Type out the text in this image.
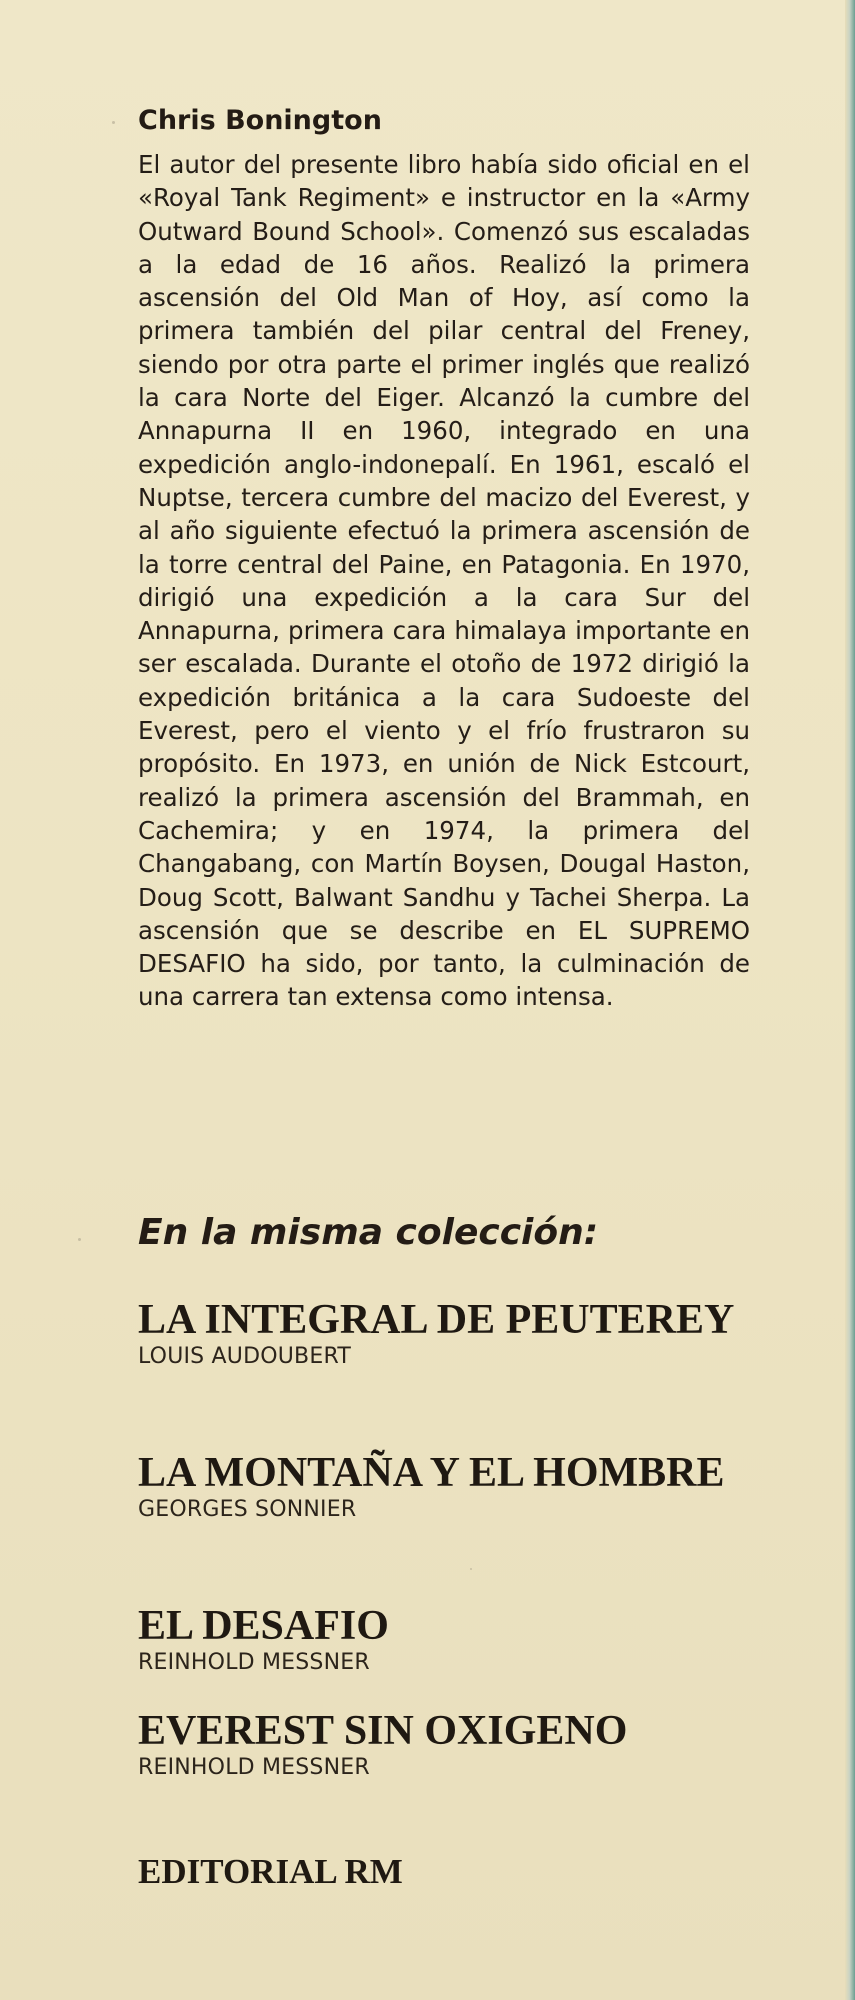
Chris Bonington

El autor del presente libro había sido oficial en el «Royal Tank Regiment» e instructor en la «Army Outward Bound School». Comenzó sus escaladas a la edad de 16 años. Realizó la primera ascensión del Old Man of Hoy, así como la primera también del pilar central del Freney, siendo por otra parte el primer inglés que realizó la cara Norte del Eiger. Alcanzó la cumbre del Annapurna II en 1960, integrado en una expedición anglo-indonepalí. En 1961, escaló el Nuptse, tercera cumbre del macizo del Everest, y al año siguiente efectuó la primera ascensión de la torre central del Paine, en Patagonia. En 1970, dirigió una expedición a la cara Sur del Annapurna, primera cara himalaya importante en ser escalada. Durante el otoño de 1972 dirigió la expedición británica a la cara Sudoeste del Everest, pero el viento y el frío frustraron su propósito. En 1973, en unión de Nick Estcourt, realizó la primera ascensión del Brammah, en Cachemira; y en 1974, la primera del Changabang, con Martín Boysen, Dougal Haston, Doug Scott, Balwant Sandhu y Tachei Sherpa. La ascensión que se describe en EL SUPREMO DESAFIO ha sido, por tanto, la culminación de una carrera tan extensa como intensa.

En la misma colección:

LA INTEGRAL DE PEUTEREY

LOUIS AUDOUBERT

LA MONTAÑA Y EL HOMBRE

GEORGES SONNIER

EL DESAFIO

REINHOLD MESSNER

EVEREST SIN OXIGENO

REINHOLD MESSNER

EDITORIAL RM
